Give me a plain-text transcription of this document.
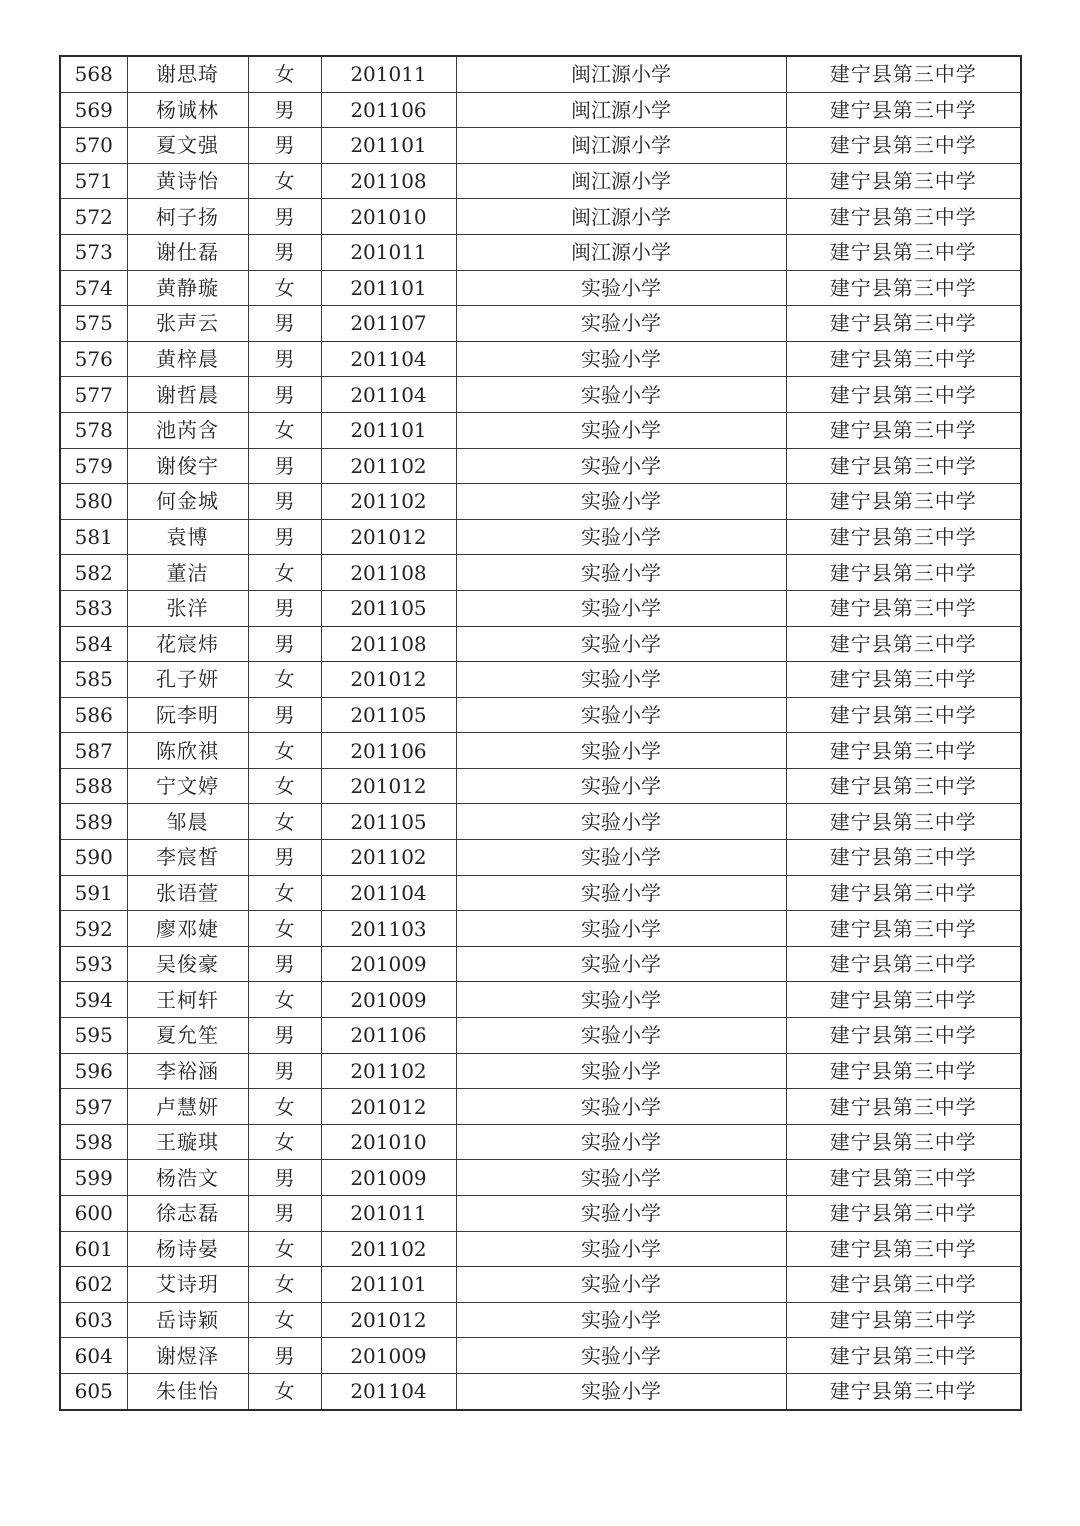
568	谢思琦	女	201011	闽江源小学	建宁县第三中学
569	杨诚林	男	201106	闽江源小学	建宁县第三中学
570	夏文强	男	201101	闽江源小学	建宁县第三中学
571	黄诗怡	女	201108	闽江源小学	建宁县第三中学
572	柯子扬	男	201010	闽江源小学	建宁县第三中学
573	谢仕磊	男	201011	闽江源小学	建宁县第三中学
574	黄静璇	女	201101	实验小学	建宁县第三中学
575	张声云	男	201107	实验小学	建宁县第三中学
576	黄梓晨	男	201104	实验小学	建宁县第三中学
577	谢哲晨	男	201104	实验小学	建宁县第三中学
578	池芮含	女	201101	实验小学	建宁县第三中学
579	谢俊宇	男	201102	实验小学	建宁县第三中学
580	何金城	男	201102	实验小学	建宁县第三中学
581	袁博	男	201012	实验小学	建宁县第三中学
582	董洁	女	201108	实验小学	建宁县第三中学
583	张洋	男	201105	实验小学	建宁县第三中学
584	花宸炜	男	201108	实验小学	建宁县第三中学
585	孔子妍	女	201012	实验小学	建宁县第三中学
586	阮李明	男	201105	实验小学	建宁县第三中学
587	陈欣祺	女	201106	实验小学	建宁县第三中学
588	宁文婷	女	201012	实验小学	建宁县第三中学
589	邹晨	女	201105	实验小学	建宁县第三中学
590	李宸皙	男	201102	实验小学	建宁县第三中学
591	张语萱	女	201104	实验小学	建宁县第三中学
592	廖邓婕	女	201103	实验小学	建宁县第三中学
593	吴俊豪	男	201009	实验小学	建宁县第三中学
594	王柯轩	女	201009	实验小学	建宁县第三中学
595	夏允笙	男	201106	实验小学	建宁县第三中学
596	李裕涵	男	201102	实验小学	建宁县第三中学
597	卢慧妍	女	201012	实验小学	建宁县第三中学
598	王璇琪	女	201010	实验小学	建宁县第三中学
599	杨浩文	男	201009	实验小学	建宁县第三中学
600	徐志磊	男	201011	实验小学	建宁县第三中学
601	杨诗晏	女	201102	实验小学	建宁县第三中学
602	艾诗玥	女	201101	实验小学	建宁县第三中学
603	岳诗颖	女	201012	实验小学	建宁县第三中学
604	谢煜泽	男	201009	实验小学	建宁县第三中学
605	朱佳怡	女	201104	实验小学	建宁县第三中学
